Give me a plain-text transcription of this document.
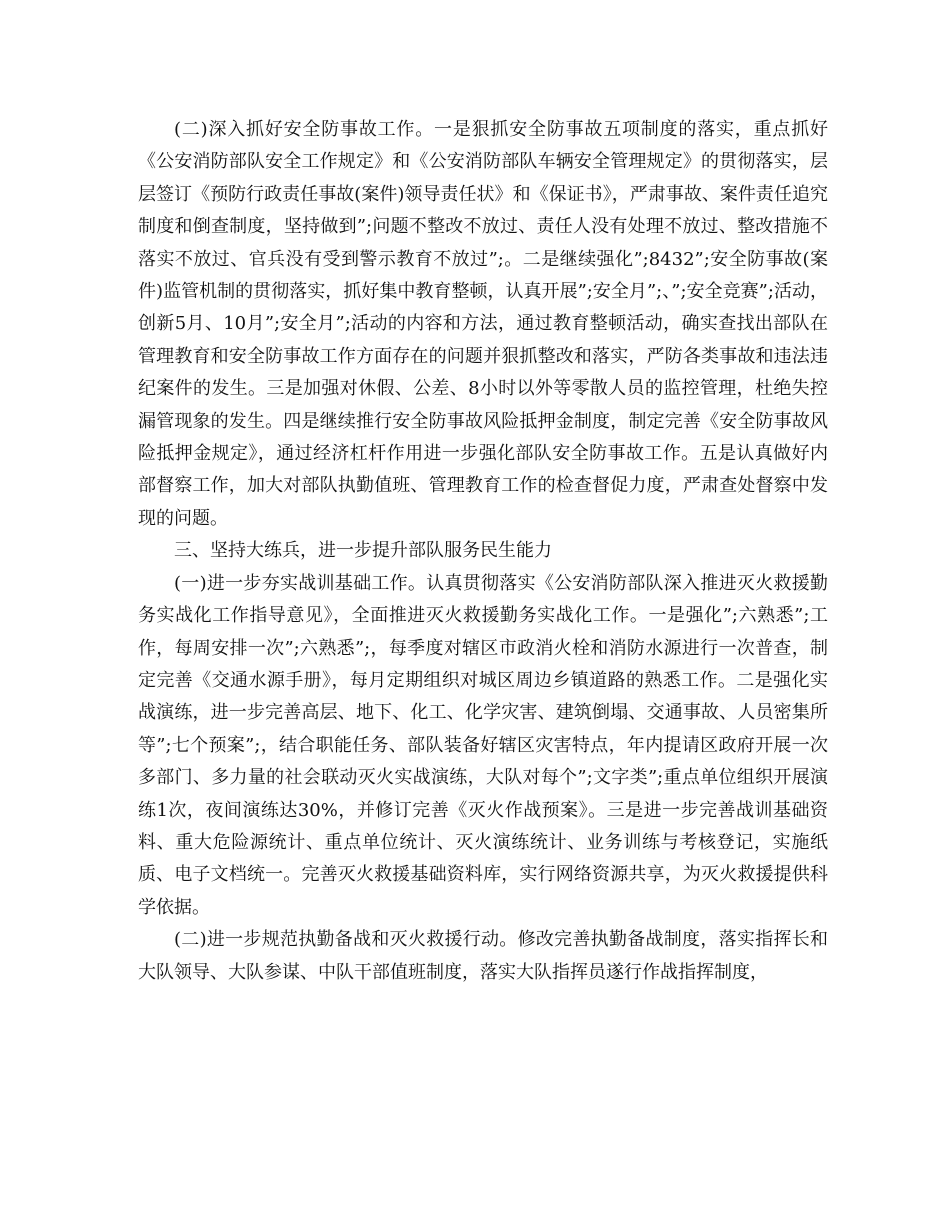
(二)深入抓好安全防事故工作。一是狠抓安全防事故五项制度的落实，重点抓好《公安消防部队安全工作规定》和《公安消防部队车辆安全管理规定》的贯彻落实，层层签订《预防行政责任事故(案件)领导责任状》和《保证书》，严肃事故、案件责任追究制度和倒查制度，坚持做到”;问题不整改不放过、责任人没有处理不放过、整改措施不落实不放过、官兵没有受到警示教育不放过”;。二是继续强化”;8432”;安全防事故(案件)监管机制的贯彻落实，抓好集中教育整顿，认真开展”;安全月”;、”;安全竞赛”;活动，创新5月、10月”;安全月”;活动的内容和方法，通过教育整顿活动，确实查找出部队在管理教育和安全防事故工作方面存在的问题并狠抓整改和落实，严防各类事故和违法违纪案件的发生。三是加强对休假、公差、8小时以外等零散人员的监控管理，杜绝失控漏管现象的发生。四是继续推行安全防事故风险抵押金制度，制定完善《安全防事故风险抵押金规定》，通过经济杠杆作用进一步强化部队安全防事故工作。五是认真做好内部督察工作，加大对部队执勤值班、管理教育工作的检查督促力度，严肃查处督察中发现的问题。

三、坚持大练兵，进一步提升部队服务民生能力

(一)进一步夯实战训基础工作。认真贯彻落实《公安消防部队深入推进灭火救援勤务实战化工作指导意见》，全面推进灭火救援勤务实战化工作。一是强化”;六熟悉”;工作，每周安排一次”;六熟悉”;，每季度对辖区市政消火栓和消防水源进行一次普查，制定完善《交通水源手册》，每月定期组织对城区周边乡镇道路的熟悉工作。二是强化实战演练，进一步完善高层、地下、化工、化学灾害、建筑倒塌、交通事故、人员密集所等”;七个预案”;，结合职能任务、部队装备好辖区灾害特点，年内提请区政府开展一次多部门、多力量的社会联动灭火实战演练，大队对每个”;文字类”;重点单位组织开展演练1次，夜间演练达30%，并修订完善《灭火作战预案》。三是进一步完善战训基础资料、重大危险源统计、重点单位统计、灭火演练统计、业务训练与考核登记，实施纸质、电子文档统一。完善灭火救援基础资料库，实行网络资源共享，为灭火救援提供科学依据。

(二)进一步规范执勤备战和灭火救援行动。修改完善执勤备战制度，落实指挥长和大队领导、大队参谋、中队干部值班制度，落实大队指挥员遂行作战指挥制度，
